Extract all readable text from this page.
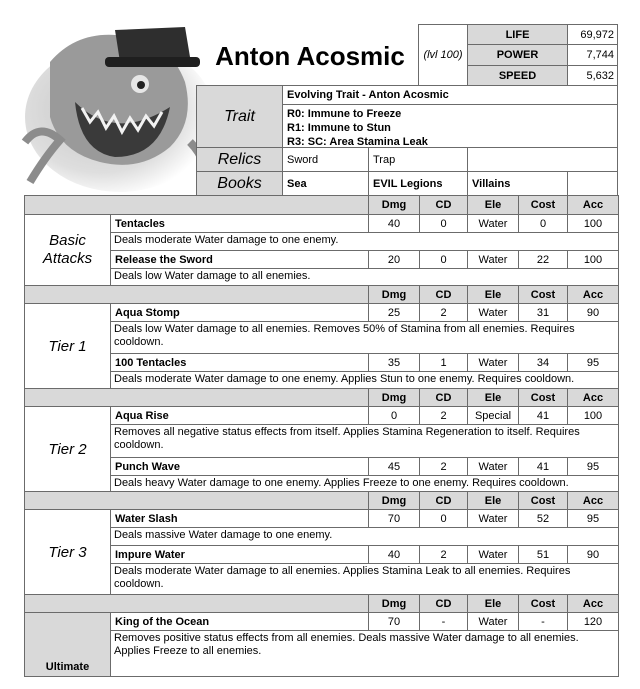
Anton Acosmic	(lvl 100)
LIFE	69,972
POWER	7,744
SPEED	5,632
Trait
Evolving Trait - Anton Acosmic
R0: Immune to Freeze
R1: Immune to Stun
R3: SC: Area Stamina Leak
Relics	Sword	Trap
Books	Sea	EVIL Legions	Villains
Dmg	CD	Ele	Cost	Acc
Tentacles	40	0	Water	0	100
Deals moderate Water damage to one enemy.
Release the Sword	20	0	Water	22	100
Deals low Water damage to all enemies.
Basic
Attacks
Dmg	CD	Ele	Cost	Acc
Aqua Stomp	25	2	Water	31	90
Deals low Water damage to all enemies. Removes 50% of Stamina from all enemies. Requires cooldown.
100 Tentacles	35	1	Water	34	95
Deals moderate Water damage to one enemy. Applies Stun to one enemy. Requires cooldown.
Tier 1
Dmg	CD	Ele	Cost	Acc
Aqua Rise	0	2	Special	41	100
Removes all negative status effects from itself. Applies Stamina Regeneration to itself. Requires cooldown.
Punch Wave	45	2	Water	41	95
Deals heavy Water damage to one enemy. Applies Freeze to one enemy. Requires cooldown.
Tier 2
Dmg	CD	Ele	Cost	Acc
Water Slash	70	0	Water	52	95
Deals massive Water damage to one enemy.
Impure Water	40	2	Water	51	90
Deals moderate Water damage to all enemies. Applies Stamina Leak to all enemies. Requires cooldown.
Tier 3
Dmg	CD	Ele	Cost	Acc
King of the Ocean	70	-	Water	-	120
Removes positive status effects from all enemies. Deals massive Water damage to all enemies. Applies Freeze to all enemies.
Ultimate
